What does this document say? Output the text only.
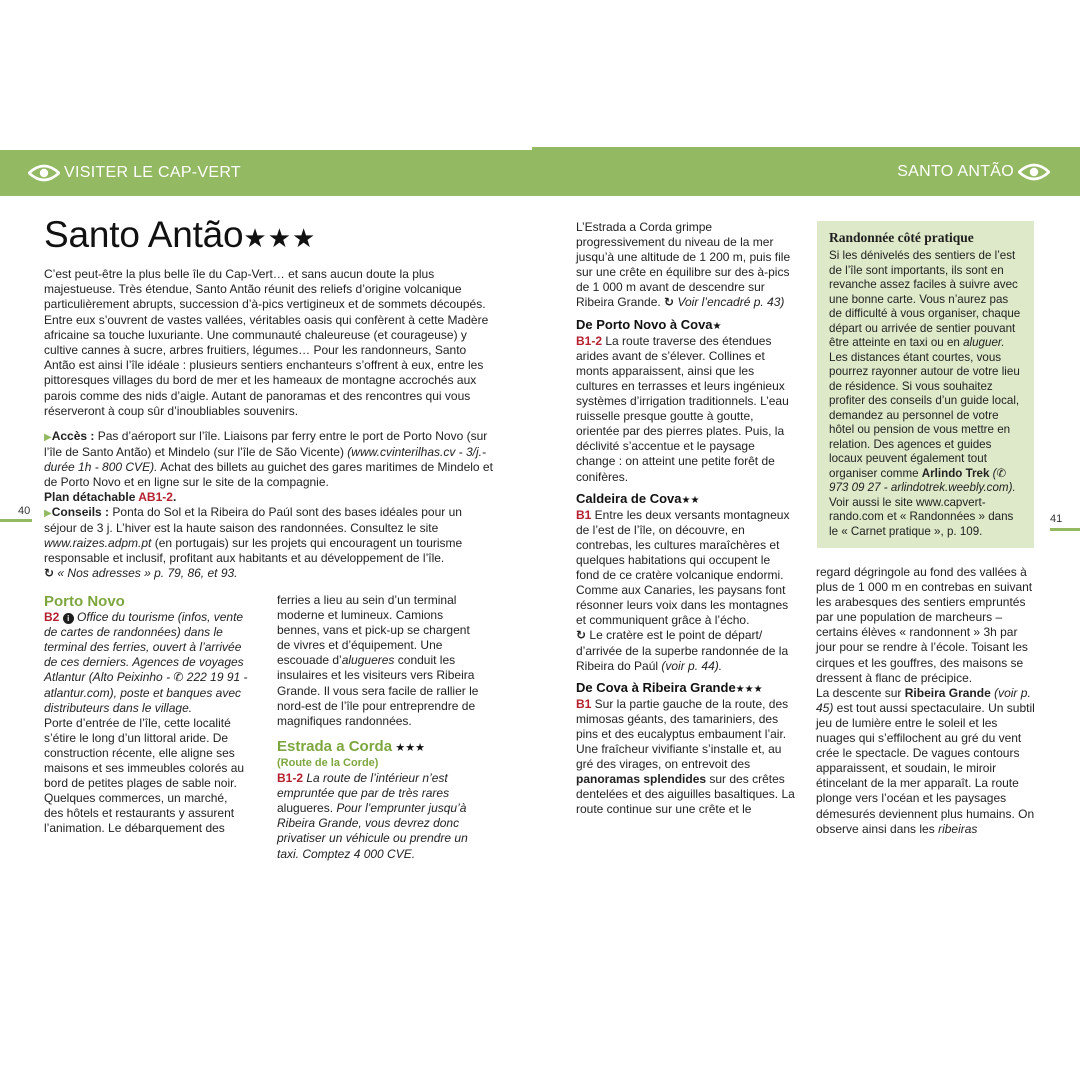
VISITER LE CAP-VERT	SANTO ANTÃO
40
41
Santo Antão★★★
C’est peut-être la plus belle île du Cap-Vert… et sans aucun doute la plus majestueuse. Très étendue, Santo Antão réunit des reliefs d’origine volcanique particulièrement abrupts, succession d’à-pics vertigineux et de sommets découpés. Entre eux s’ouvrent de vastes vallées, véritables oasis qui confèrent à cette Madère africaine sa touche luxuriante. Une communauté chaleureuse (et courageuse) y cultive cannes à sucre, arbres fruitiers, légumes… Pour les randonneurs, Santo Antão est ainsi l’île idéale : plusieurs sentiers enchanteurs s’offrent à eux, entre les pittoresques villages du bord de mer et les hameaux de montagne accrochés aux parois comme des nids d’aigle. Autant de panoramas et des rencontres qui vous réserveront à coup sûr d’inoubliables souvenirs.
▶Accès : Pas d’aéroport sur l’île. Liaisons par ferry entre le port de Porto Novo (sur l’île de Santo Antão) et Mindelo (sur l’île de São Vicente) (www.cvinterilhas.cv - 3/j.- durée 1h - 800 CVE). Achat des billets au guichet des gares maritimes de Mindelo et de Porto Novo et en ligne sur le site de la compagnie.
Plan détachable AB1-2.
▶Conseils : Ponta do Sol et la Ribeira do Paúl sont des bases idéales pour un séjour de 3 j. L’hiver est la haute saison des randonnées. Consultez le site www.raizes.adpm.pt (en portugais) sur les projets qui encouragent un tourisme responsable et inclusif, profitant aux habitants et au développement de l’île.
↻ « Nos adresses » p. 79, 86, et 93.
Porto Novo
B2 i Office du tourisme (infos, vente de cartes de randonnées) dans le terminal des ferries, ouvert à l’arrivée de ces derniers. Agences de voyages Atlantur (Alto Peixinho - ✆ 222 19 91 - atlantur.com), poste et banques avec distributeurs dans le village.
Porte d’entrée de l’île, cette localité s’étire le long d’un littoral aride. De construction récente, elle aligne ses maisons et ses immeubles colorés au bord de petites plages de sable noir. Quelques commerces, un marché, des hôtels et restaurants y assurent l’animation. Le débarquement des
ferries a lieu au sein d’un terminal moderne et lumineux. Camions bennes, vans et pick-up se chargent de vivres et d’équipement. Une escouade d’alugueres conduit les insulaires et les visiteurs vers Ribeira Grande. Il vous sera facile de rallier le nord-est de l’île pour entreprendre de magnifiques randonnées.
Estrada a Corda ★★★
(Route de la Corde)
B1-2 La route de l’intérieur n’est empruntée que par de très rares alugueres. Pour l’emprunter jusqu’à Ribeira Grande, vous devrez donc privatiser un véhicule ou prendre un taxi. Comptez 4 000 CVE.
L’Estrada a Corda grimpe progressivement du niveau de la mer jusqu’à une altitude de 1 200 m, puis file sur une crête en équilibre sur des à-pics de 1 000 m avant de descendre sur Ribeira Grande. ↻ Voir l’encadré p. 43)
De Porto Novo à Cova★
B1-2 La route traverse des étendues arides avant de s’élever. Collines et monts apparaissent, ainsi que les cultures en terrasses et leurs ingénieux systèmes d’irrigation traditionnels. L’eau ruisselle presque goutte à goutte, orientée par des pierres plates. Puis, la déclivité s’accentue et le paysage change : on atteint une petite forêt de conifères.
Caldeira de Cova★★
B1 Entre les deux versants montagneux de l’est de l’île, on découvre, en contrebas, les cultures maraîchères et quelques habitations qui occupent le fond de ce cratère volcanique endormi. Comme aux Canaries, les paysans font résonner leurs voix dans les montagnes et communiquent grâce à l’écho.
↻ Le cratère est le point de départ/ d’arrivée de la superbe randonnée de la Ribeira do Paúl (voir p. 44).
De Cova à Ribeira Grande★★★
B1 Sur la partie gauche de la route, des mimosas géants, des tamariniers, des pins et des eucalyptus embaument l’air. Une fraîcheur vivifiante s’installe et, au gré des virages, on entrevoit des panoramas splendides sur des crêtes dentelées et des aiguilles basaltiques. La route continue sur une crête et le
Randonnée côté pratique
Si les dénivelés des sentiers de l’est de l’île sont importants, ils sont en revanche assez faciles à suivre avec une bonne carte. Vous n’aurez pas de difficulté à vous organiser, chaque départ ou arrivée de sentier pouvant être atteinte en taxi ou en aluguer. Les distances étant courtes, vous pourrez rayonner autour de votre lieu de résidence. Si vous souhaitez profiter des conseils d’un guide local, demandez au personnel de votre hôtel ou pension de vous mettre en relation. Des agences et guides locaux peuvent également tout organiser comme Arlindo Trek (✆ 973 09 27 - arlindotrek.weebly.com). Voir aussi le site www.capvert-rando.com et « Randonnées » dans le « Carnet pratique », p. 109.
regard dégringole au fond des vallées à plus de 1 000 m en contrebas en suivant les arabesques des sentiers empruntés par une population de marcheurs – certains élèves « randonnent » 3h par jour pour se rendre à l’école. Toisant les cirques et les gouffres, des maisons se dressent à flanc de précipice.
La descente sur Ribeira Grande (voir p. 45) est tout aussi spectaculaire. Un subtil jeu de lumière entre le soleil et les nuages qui s’effilochent au gré du vent crée le spectacle. De vagues contours apparaissent, et soudain, le miroir étincelant de la mer apparaît. La route plonge vers l’océan et les paysages démesurés deviennent plus humains. On observe ainsi dans les ribeiras
